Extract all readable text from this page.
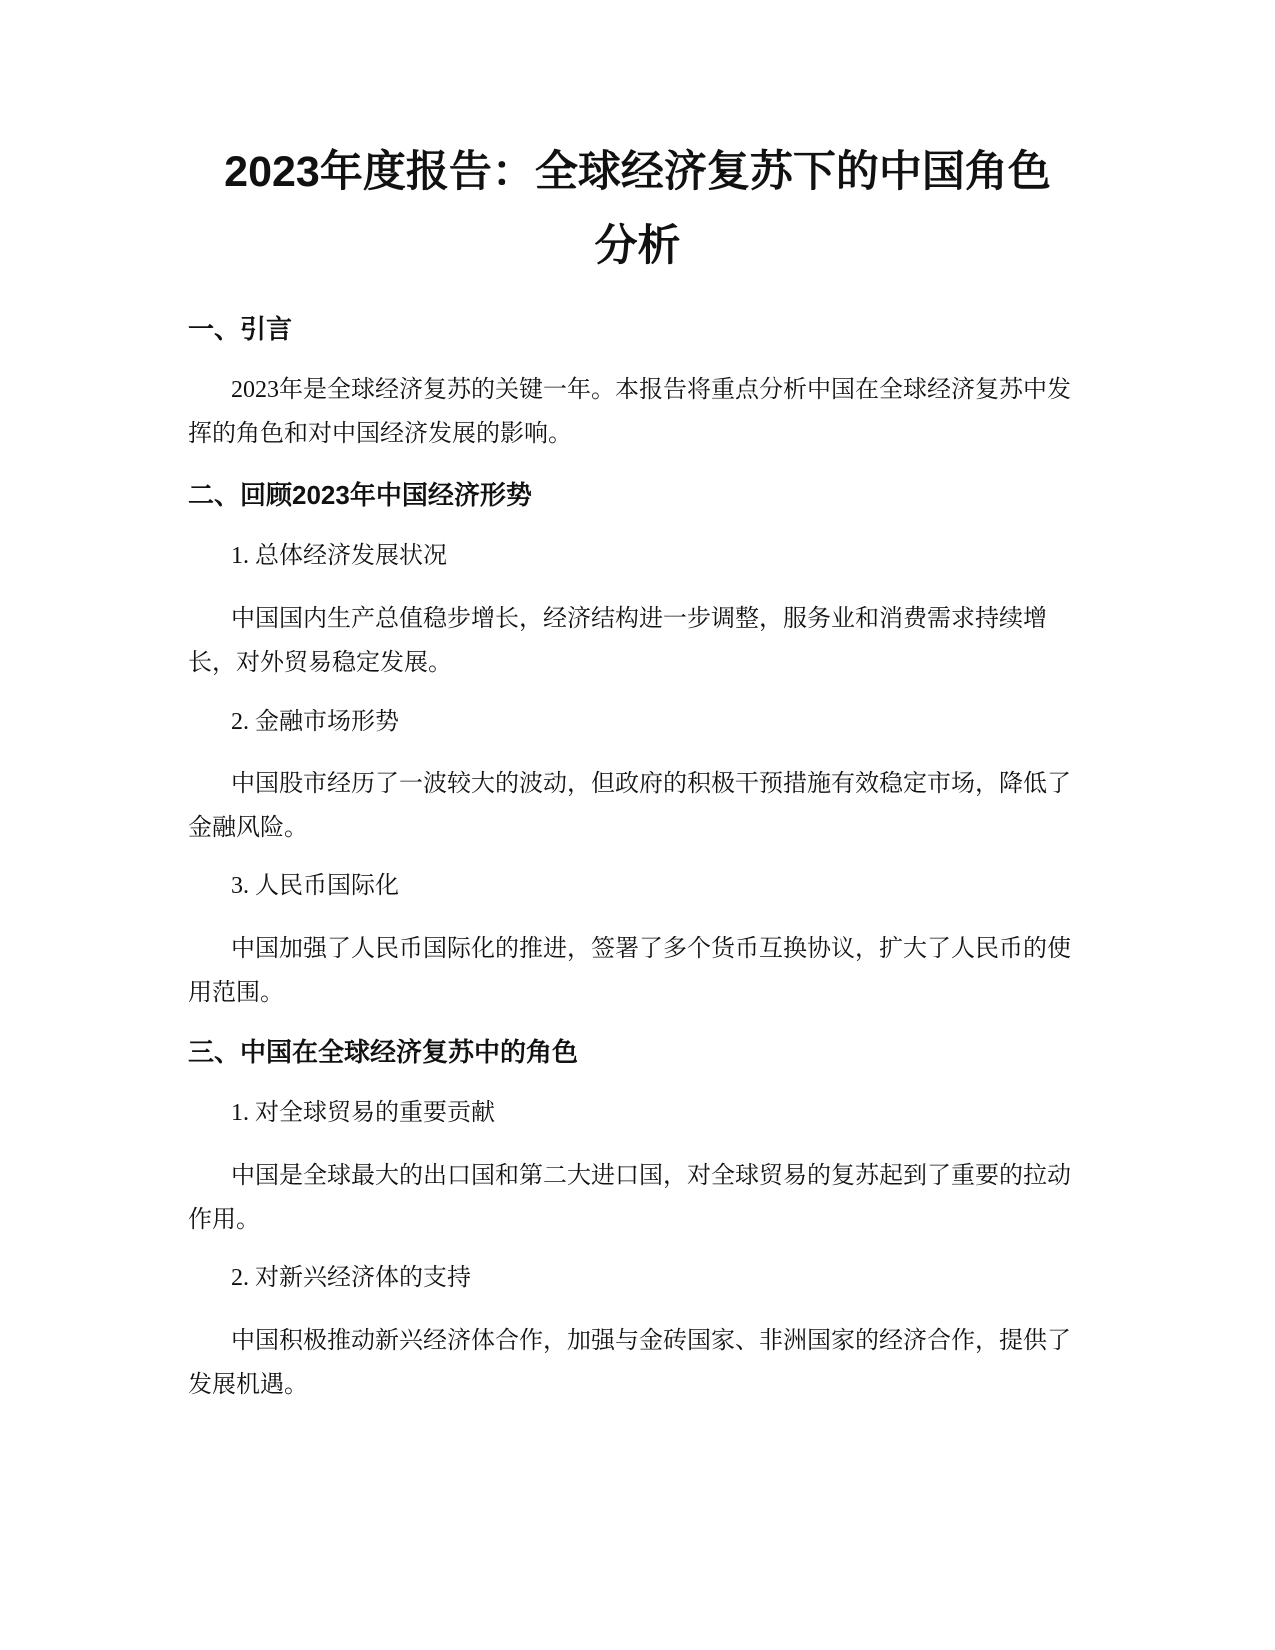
2023年度报告：全球经济复苏下的中国角色
分析
一、引言

2023年是全球经济复苏的关键一年。本报告将重点分析中国在全球经济复苏中发挥的角色和对中国经济发展的影响。

二、回顾2023年中国经济形势

1. 总体经济发展状况

中国国内生产总值稳步增长，经济结构进一步调整，服务业和消费需求持续增长，对外贸易稳定发展。

2. 金融市场形势

中国股市经历了一波较大的波动，但政府的积极干预措施有效稳定市场，降低了金融风险。

3. 人民币国际化

中国加强了人民币国际化的推进，签署了多个货币互换协议，扩大了人民币的使用范围。

三、中国在全球经济复苏中的角色

1. 对全球贸易的重要贡献

中国是全球最大的出口国和第二大进口国，对全球贸易的复苏起到了重要的拉动作用。

2. 对新兴经济体的支持

中国积极推动新兴经济体合作，加强与金砖国家、非洲国家的经济合作，提供了发展机遇。
